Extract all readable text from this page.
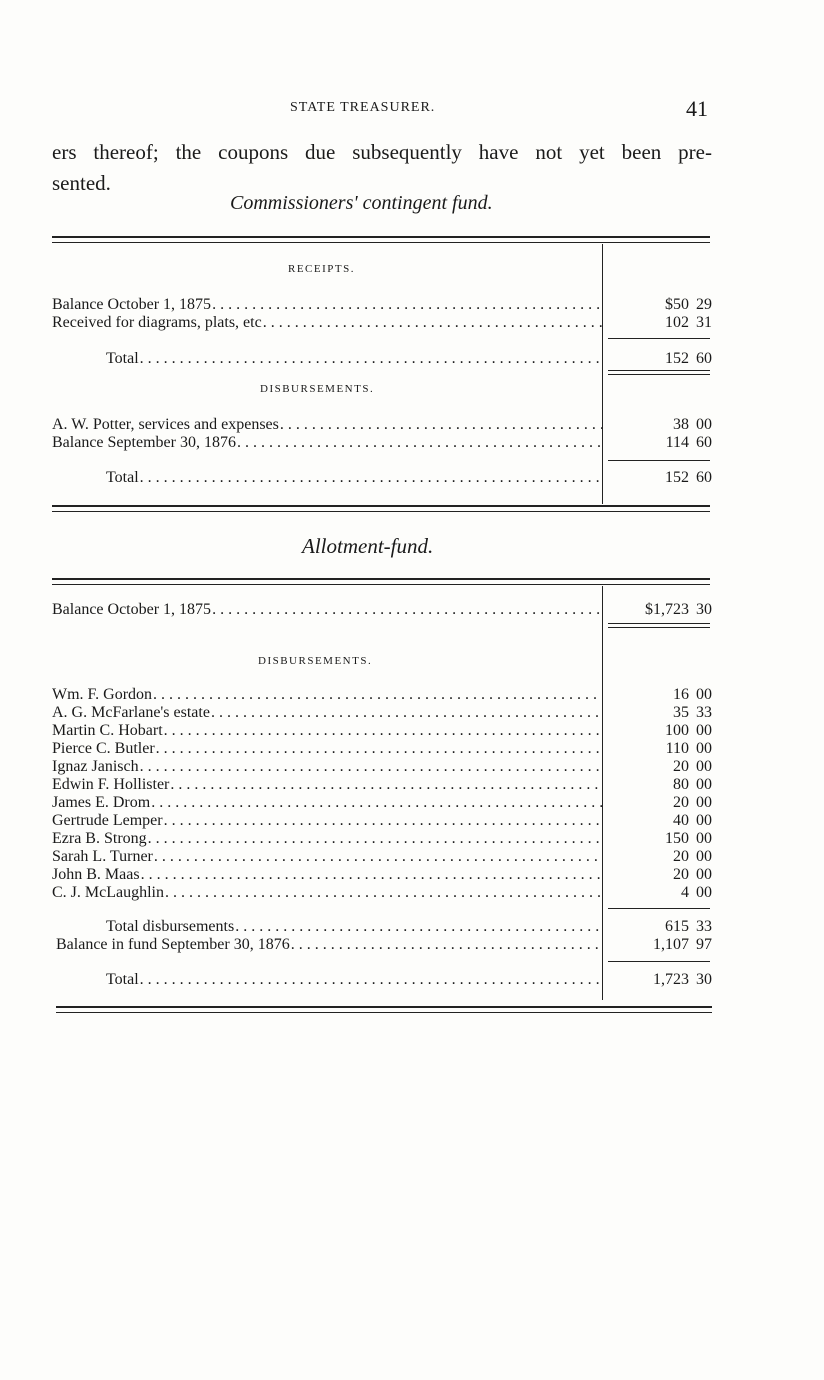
STATE TREASURER.	41
ers thereof; the coupons due subsequently have not yet been pre-
sented.
Commissioners' contingent fund.
RECEIPTS.
Balance October 1, 1875 . . .	$50 29
Received for diagrams, plats, etc . . .	102 31
Total . . .	152 60
DISBURSEMENTS.
A. W. Potter, services and expenses . . .	38 00
Balance September 30, 1876 . . .	114 60
Total . . .	152 60
Allotment-fund.
Balance October 1, 1875 . . .	$1,723 30
DISBURSEMENTS.
Wm. F. Gordon . . .	16 00
A. G. McFarlane's estate . . .	35 33
Martin C. Hobart . . .	100 00
Pierce C. Butler . . .	110 00
Ignaz Janisch . . .	20 00
Edwin F. Hollister . . .	80 00
James E. Drom . . .	20 00
Gertrude Lemper . . .	40 00
Ezra B. Strong . . .	150 00
Sarah L. Turner . . .	20 00
John B. Maas . . .	20 00
C. J. McLaughlin . . .	4 00
Total disbursements . . .	615 33
Balance in fund September 30, 1876 . . .	1,107 97
Total . . .	1,723 30
